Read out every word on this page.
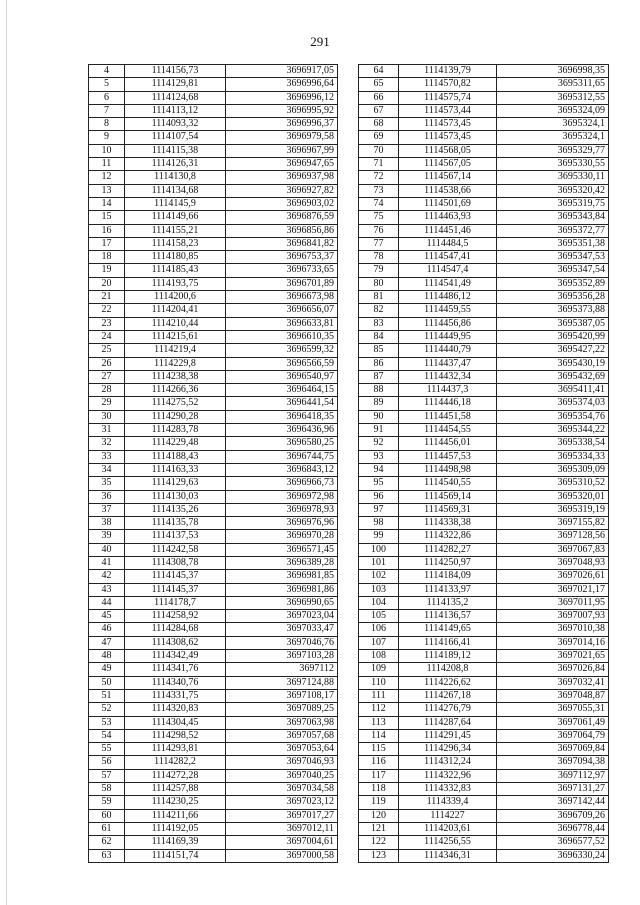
291
4	1114156,73	3696917,05
5	1114129,81	3696996,64
6	1114124,68	3696996,12
7	1114113,12	3696995,92
8	1114093,32	3696996,37
9	1114107,54	3696979,58
10	1114115,38	3696967,99
11	1114126,31	3696947,65
12	1114130,8	3696937,98
13	1114134,68	3696927,82
14	1114145,9	3696903,02
15	1114149,66	3696876,59
16	1114155,21	3696856,86
17	1114158,23	3696841,82
18	1114180,85	3696753,37
19	1114185,43	3696733,65
20	1114193,75	3696701,89
21	1114200,6	3696673,98
22	1114204,41	3696656,07
23	1114210,44	3696633,81
24	1114215,61	3696610,35
25	1114219,4	3696599,32
26	1114229,8	3696566,59
27	1114238,38	3696540,97
28	1114266,36	3696464,15
29	1114275,52	3696441,54
30	1114290,28	3696418,35
31	1114283,78	3696436,96
32	1114229,48	3696580,25
33	1114188,43	3696744,75
34	1114163,33	3696843,12
35	1114129,63	3696966,73
36	1114130,03	3696972,98
37	1114135,26	3696978,93
38	1114135,78	3696976,96
39	1114137,53	3696970,28
40	1114242,58	3696571,45
41	1114308,78	3696389,28
42	1114145,37	3696981,85
43	1114145,37	3696981,86
44	1114178,7	3696990,65
45	1114258,92	3697023,04
46	1114284,68	3697033,47
47	1114308,62	3697046,76
48	1114342,49	3697103,28
49	1114341,76	3697112
50	1114340,76	3697124,88
51	1114331,75	3697108,17
52	1114320,83	3697089,25
53	1114304,45	3697063,98
54	1114298,52	3697057,68
55	1114293,81	3697053,64
56	1114282,2	3697046,93
57	1114272,28	3697040,25
58	1114257,88	3697034,58
59	1114230,25	3697023,12
60	1114211,66	3697017,27
61	1114192,05	3697012,11
62	1114169,39	3697004,61
63	1114151,74	3697000,58
64	1114139,79	3696998,35
65	1114570,82	3695311,65
66	1114575,74	3695312,55
67	1114573,44	3695324,09
68	1114573,45	3695324,1
69	1114573,45	3695324,1
70	1114568,05	3695329,77
71	1114567,05	3695330,55
72	1114567,14	3695330,11
73	1114538,66	3695320,42
74	1114501,69	3695319,75
75	1114463,93	3695343,84
76	1114451,46	3695372,77
77	1114484,5	3695351,38
78	1114547,41	3695347,53
79	1114547,4	3695347,54
80	1114541,49	3695352,89
81	1114486,12	3695356,28
82	1114459,55	3695373,88
83	1114456,86	3695387,05
84	1114449,95	3695420,99
85	1114440,79	3695427,22
86	1114437,47	3695430,19
87	1114432,34	3695432,69
88	1114437,3	3695411,41
89	1114446,18	3695374,03
90	1114451,58	3695354,76
91	1114454,55	3695344,22
92	1114456,01	3695338,54
93	1114457,53	3695334,33
94	1114498,98	3695309,09
95	1114540,55	3695310,52
96	1114569,14	3695320,01
97	1114569,31	3695319,19
98	1114338,38	3697155,82
99	1114322,86	3697128,56
100	1114282,27	3697067,83
101	1114250,97	3697048,93
102	1114184,09	3697026,61
103	1114133,97	3697021,17
104	1114135,2	3697011,95
105	1114136,57	3697007,93
106	1114149,65	3697010,38
107	1114166,41	3697014,16
108	1114189,12	3697021,65
109	1114208,8	3697026,84
110	1114226,62	3697032,41
111	1114267,18	3697048,87
112	1114276,79	3697055,31
113	1114287,64	3697061,49
114	1114291,45	3697064,79
115	1114296,34	3697069,84
116	1114312,24	3697094,38
117	1114322,96	3697112,97
118	1114332,83	3697131,27
119	1114339,4	3697142,44
120	1114227	3696709,26
121	1114203,61	3696778,44
122	1114256,55	3696577,52
123	1114346,31	3696330,24
